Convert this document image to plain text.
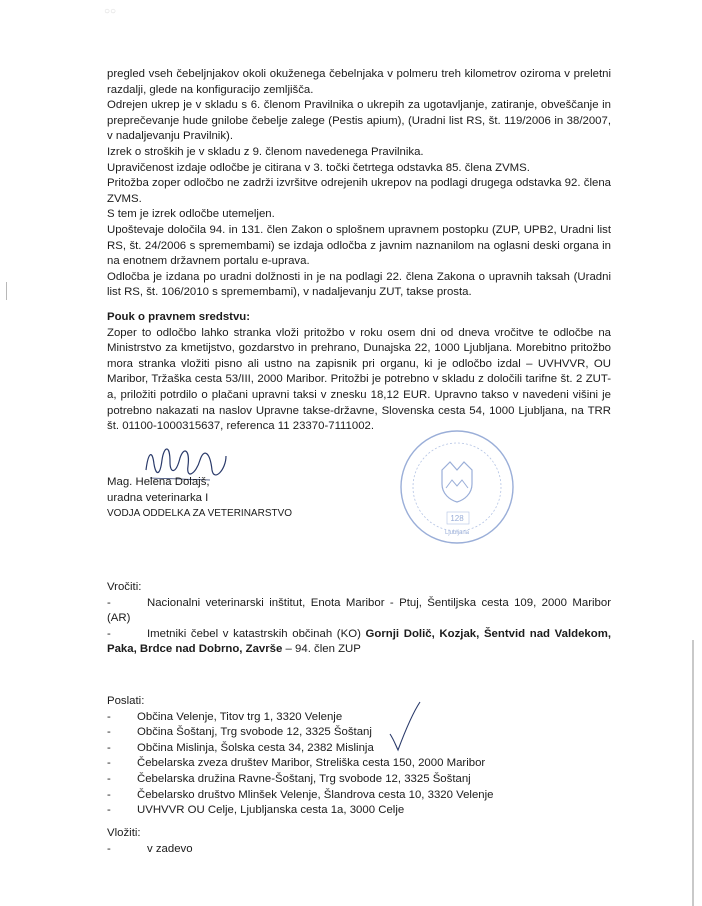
○○

pregled vseh čebeljnjakov okoli okuženega čebelnjaka v polmeru treh kilometrov oziroma v preletni razdalji, glede na konfiguracijo zemljišča.

Odrejen ukrep je v skladu s 6. členom Pravilnika o ukrepih za ugotavljanje, zatiranje, obveščanje in preprečevanje hude gnilobe čebelje zalege (Pestis apium), (Uradni list RS, št. 119/2006 in 38/2007, v nadaljevanju Pravilnik).

Izrek o stroških je v skladu z 9. členom navedenega Pravilnika.

Upravičenost izdaje odločbe je citirana v 3. točki četrtega odstavka 85. člena ZVMS.

Pritožba zoper odločbo ne zadrži izvršitve odrejenih ukrepov na podlagi drugega odstavka 92. člena ZVMS.

S tem je izrek odločbe utemeljen.

Upoštevaje določila 94. in 131. člen Zakon o splošnem upravnem postopku (ZUP, UPB2, Uradni list RS, št. 24/2006 s spremembami) se izdaja odločba z javnim naznanilom na oglasni deski organa in na enotnem državnem portalu e-uprava.

Odločba je izdana po uradni dolžnosti in je na podlagi 22. člena Zakona o upravnih taksah (Uradni list RS, št. 106/2010 s spremembami), v nadaljevanju ZUT, takse prosta.

Pouk o pravnem sredstvu:

Zoper to odločbo lahko stranka vloži pritožbo v roku osem dni od dneva vročitve te odločbe na Ministrstvo za kmetijstvo, gozdarstvo in prehrano, Dunajska 22, 1000 Ljubljana. Morebitno pritožbo mora stranka vložiti pisno ali ustno na zapisnik pri organu, ki je odločbo izdal – UVHVVR, OU Maribor, Tržaška cesta 53/III, 2000 Maribor. Pritožbi je potrebno v skladu z določili tarifne št. 2 ZUT-a, priložiti potrdilo o plačani upravni taksi v znesku 18,12 EUR. Upravno takso v navedeni višini je potrebno nakazati na naslov Upravne takse-državne, Slovenska cesta 54, 1000 Ljubljana, na TRR št. 01100-1000315637, referenca 11 23370-7111002.

Mag. Helena Dolajš,

uradna veterinarka I

VODJA ODDELKA ZA VETERINARSTVO	128
Ljubljana

Vročiti:

-	Nacionalni veterinarski inštitut, Enota Maribor - Ptuj, Šentiljska cesta 109, 2000 Maribor (AR)

-	Imetniki čebel v katastrskih občinah (KO) Gornji Dolič, Kozjak, Šentvid nad Valdekom, Paka, Brdce nad Dobrno, Završe – 94. člen ZUP

Poslati:

- Občina Velenje, Titov trg 1, 3320 Velenje
- Občina Šoštanj, Trg svobode 12, 3325 Šoštanj
- Občina Mislinja, Šolska cesta 34, 2382 Mislinja
- Čebelarska zveza društev Maribor, Streliška cesta 150, 2000 Maribor
- Čebelarska družina Ravne-Šoštanj, Trg svobode 12, 3325 Šoštanj
- Čebelarsko društvo Mlinšek Velenje, Šlandrova cesta 10, 3320 Velenje
- UVHVVR OU Celje, Ljubljanska cesta 1a, 3000 Celje

Vložiti:

-	v zadevo
